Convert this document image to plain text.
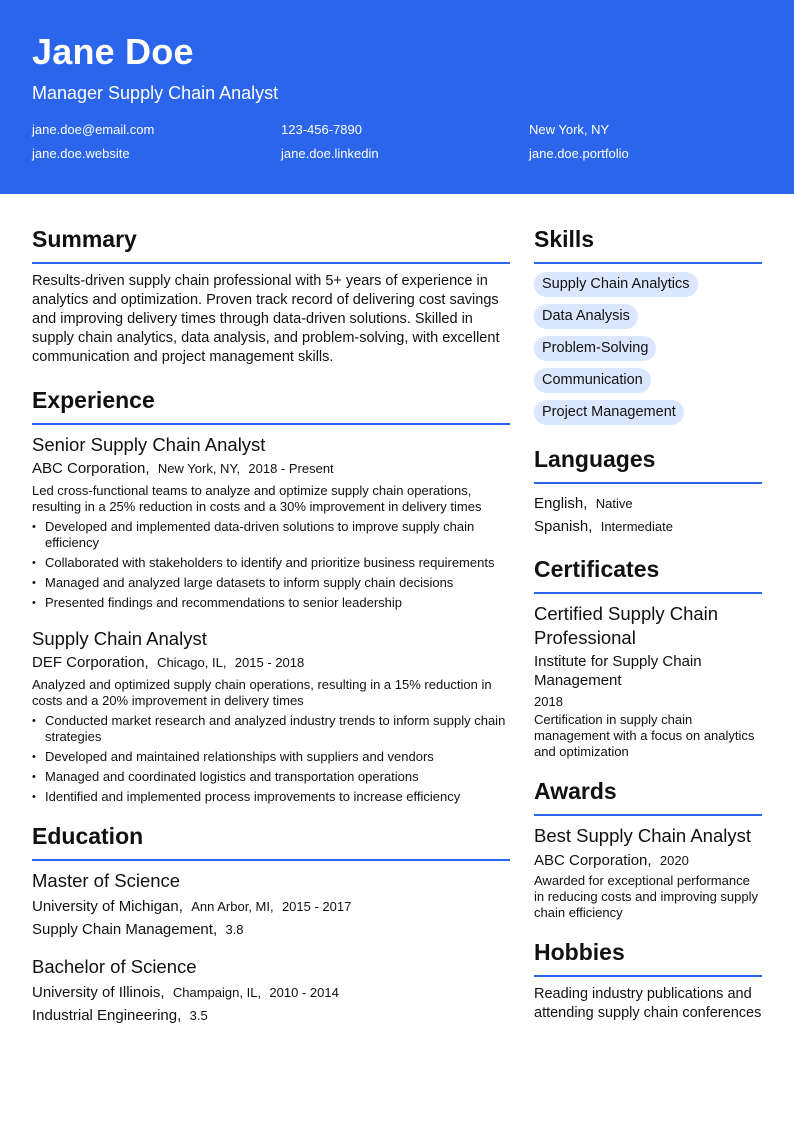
Jane Doe
Manager Supply Chain Analyst
jane.doe@email.com	123-456-7890	New York, NY
jane.doe.website	jane.doe.linkedin	jane.doe.portfolio
Summary
Results-driven supply chain professional with 5+ years of experience in analytics and optimization. Proven track record of delivering cost savings and improving delivery times through data-driven solutions. Skilled in supply chain analytics, data analysis, and problem-solving, with excellent communication and project management skills.
Experience
Senior Supply Chain Analyst
ABC Corporation, New York, NY, 2018 - Present
Led cross-functional teams to analyze and optimize supply chain operations, resulting in a 25% reduction in costs and a 30% improvement in delivery times
• Developed and implemented data-driven solutions to improve supply chain efficiency
• Collaborated with stakeholders to identify and prioritize business requirements
• Managed and analyzed large datasets to inform supply chain decisions
• Presented findings and recommendations to senior leadership
Supply Chain Analyst
DEF Corporation, Chicago, IL, 2015 - 2018
Analyzed and optimized supply chain operations, resulting in a 15% reduction in costs and a 20% improvement in delivery times
• Conducted market research and analyzed industry trends to inform supply chain strategies
• Developed and maintained relationships with suppliers and vendors
• Managed and coordinated logistics and transportation operations
• Identified and implemented process improvements to increase efficiency
Education
Master of Science
University of Michigan, Ann Arbor, MI, 2015 - 2017
Supply Chain Management, 3.8
Bachelor of Science
University of Illinois, Champaign, IL, 2010 - 2014
Industrial Engineering, 3.5
Skills
Supply Chain Analytics
Data Analysis
Problem-Solving
Communication
Project Management
Languages
English, Native
Spanish, Intermediate
Certificates
Certified Supply Chain Professional
Institute for Supply Chain Management
2018
Certification in supply chain management with a focus on analytics and optimization
Awards
Best Supply Chain Analyst
ABC Corporation, 2020
Awarded for exceptional performance in reducing costs and improving supply chain efficiency
Hobbies
Reading industry publications and attending supply chain conferences
